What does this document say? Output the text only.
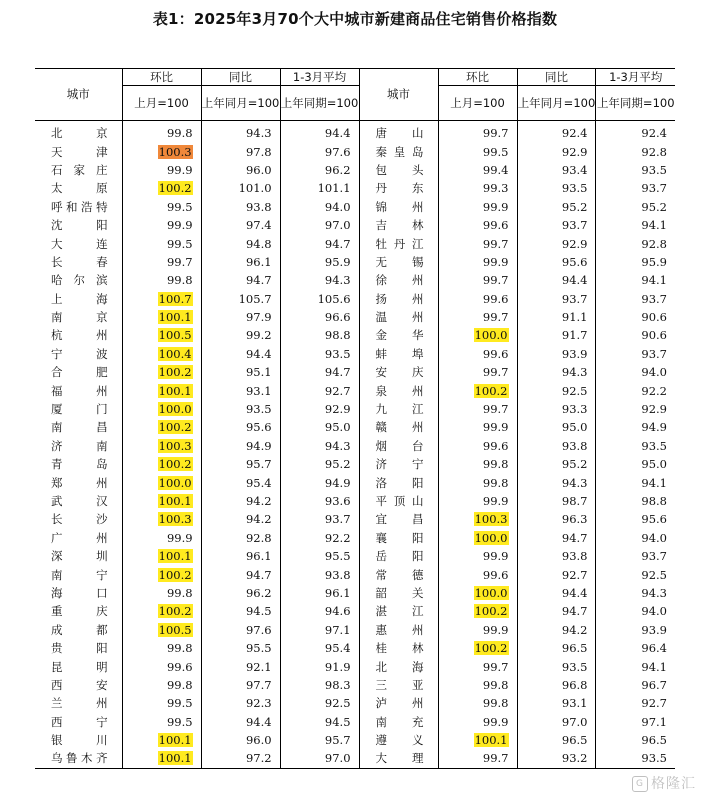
表1：2025年3月70个大中城市新建商品住宅销售价格指数
城市	环比	同比	1-3月平均	城市	环比	同比	1-3月平均
	上月=100	上年同月=100	上年同期=100		上月=100	上年同月=100	上年同期=100
北京	99.8	94.3	94.4	唐山	99.7	92.4	92.4
天津	100.3	97.8	97.6	秦皇岛	99.5	92.9	92.8
石家庄	99.9	96.0	96.2	包头	99.4	93.4	93.5
太原	100.2	101.0	101.1	丹东	99.3	93.5	93.7
呼和浩特	99.5	93.8	94.0	锦州	99.9	95.2	95.2
沈阳	99.9	97.4	97.0	吉林	99.6	93.7	94.1
大连	99.5	94.8	94.7	牡丹江	99.7	92.9	92.8
长春	99.7	96.1	95.9	无锡	99.9	95.6	95.9
哈尔滨	99.8	94.7	94.3	徐州	99.7	94.4	94.1
上海	100.7	105.7	105.6	扬州	99.6	93.7	93.7
南京	100.1	97.9	96.6	温州	99.7	91.1	90.6
杭州	100.5	99.2	98.8	金华	100.0	91.7	90.6
宁波	100.4	94.4	93.5	蚌埠	99.6	93.9	93.7
合肥	100.2	95.1	94.7	安庆	99.7	94.3	94.0
福州	100.1	93.1	92.7	泉州	100.2	92.5	92.2
厦门	100.0	93.5	92.9	九江	99.7	93.3	92.9
南昌	100.2	95.6	95.0	赣州	99.9	95.0	94.9
济南	100.3	94.9	94.3	烟台	99.6	93.8	93.5
青岛	100.2	95.7	95.2	济宁	99.8	95.2	95.0
郑州	100.0	95.4	94.9	洛阳	99.8	94.3	94.1
武汉	100.1	94.2	93.6	平顶山	99.9	98.7	98.8
长沙	100.3	94.2	93.7	宜昌	100.3	96.3	95.6
广州	99.9	92.8	92.2	襄阳	100.0	94.7	94.0
深圳	100.1	96.1	95.5	岳阳	99.9	93.8	93.7
南宁	100.2	94.7	93.8	常德	99.6	92.7	92.5
海口	99.8	96.2	96.1	韶关	100.0	94.4	94.3
重庆	100.2	94.5	94.6	湛江	100.2	94.7	94.0
成都	100.5	97.6	97.1	惠州	99.9	94.2	93.9
贵阳	99.8	95.5	95.4	桂林	100.2	96.5	96.4
昆明	99.6	92.1	91.9	北海	99.7	93.5	94.1
西安	99.8	97.7	98.3	三亚	99.8	96.8	96.7
兰州	99.5	92.3	92.5	泸州	99.8	93.1	92.7
西宁	99.5	94.4	94.5	南充	99.9	97.0	97.1
银川	100.1	96.0	95.7	遵义	100.1	96.5	96.5
乌鲁木齐	100.1	97.2	97.0	大理	99.7	93.2	93.5
G 格隆汇
